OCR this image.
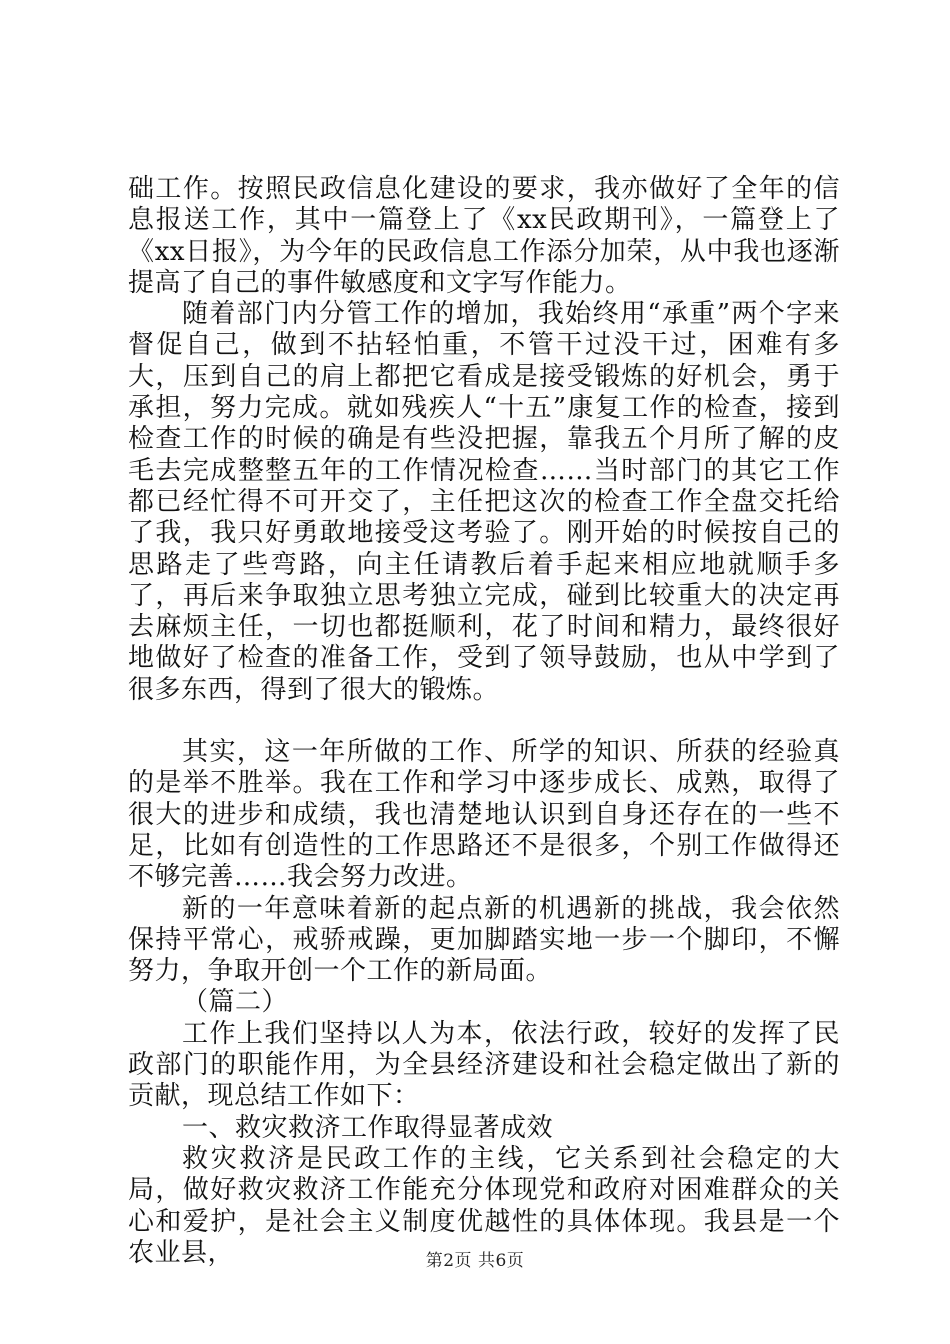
础工作。按照民政信息化建设的要求，我亦做好了全年的信息报送工作，其中一篇登上了《xx民政期刊》，一篇登上了《xx日报》，为今年的民政信息工作添分加荣，从中我也逐渐提高了自己的事件敏感度和文字写作能力。

随着部门内分管工作的增加，我始终用“承重”两个字来督促自己，做到不拈轻怕重，不管干过没干过，困难有多大，压到自己的肩上都把它看成是接受锻炼的好机会，勇于承担，努力完成。就如残疾人“十五”康复工作的检查，接到检查工作的时候的确是有些没把握，靠我五个月所了解的皮毛去完成整整五年的工作情况检查……当时部门的其它工作都已经忙得不可开交了，主任把这次的检查工作全盘交托给了我，我只好勇敢地接受这考验了。刚开始的时候按自己的思路走了些弯路，向主任请教后着手起来相应地就顺手多了，再后来争取独立思考独立完成，碰到比较重大的决定再去麻烦主任，一切也都挺顺利，花了时间和精力，最终很好地做好了检查的准备工作，受到了领导鼓励，也从中学到了很多东西，得到了很大的锻炼。

其实，这一年所做的工作、所学的知识、所获的经验真的是举不胜举。我在工作和学习中逐步成长、成熟，取得了很大的进步和成绩，我也清楚地认识到自身还存在的一些不足，比如有创造性的工作思路还不是很多，个别工作做得还不够完善……我会努力改进。

新的一年意味着新的起点新的机遇新的挑战，我会依然保持平常心，戒骄戒躁，更加脚踏实地一步一个脚印，不懈努力，争取开创一个工作的新局面。

（篇二）

工作上我们坚持以人为本，依法行政，较好的发挥了民政部门的职能作用，为全县经济建设和社会稳定做出了新的贡献，现总结工作如下：

一、救灾救济工作取得显著成效

救灾救济是民政工作的主线，它关系到社会稳定的大局，做好救灾救济工作能充分体现党和政府对困难群众的关心和爱护，是社会主义制度优越性的具体体现。我县是一个农业县，	第2页 共6页
